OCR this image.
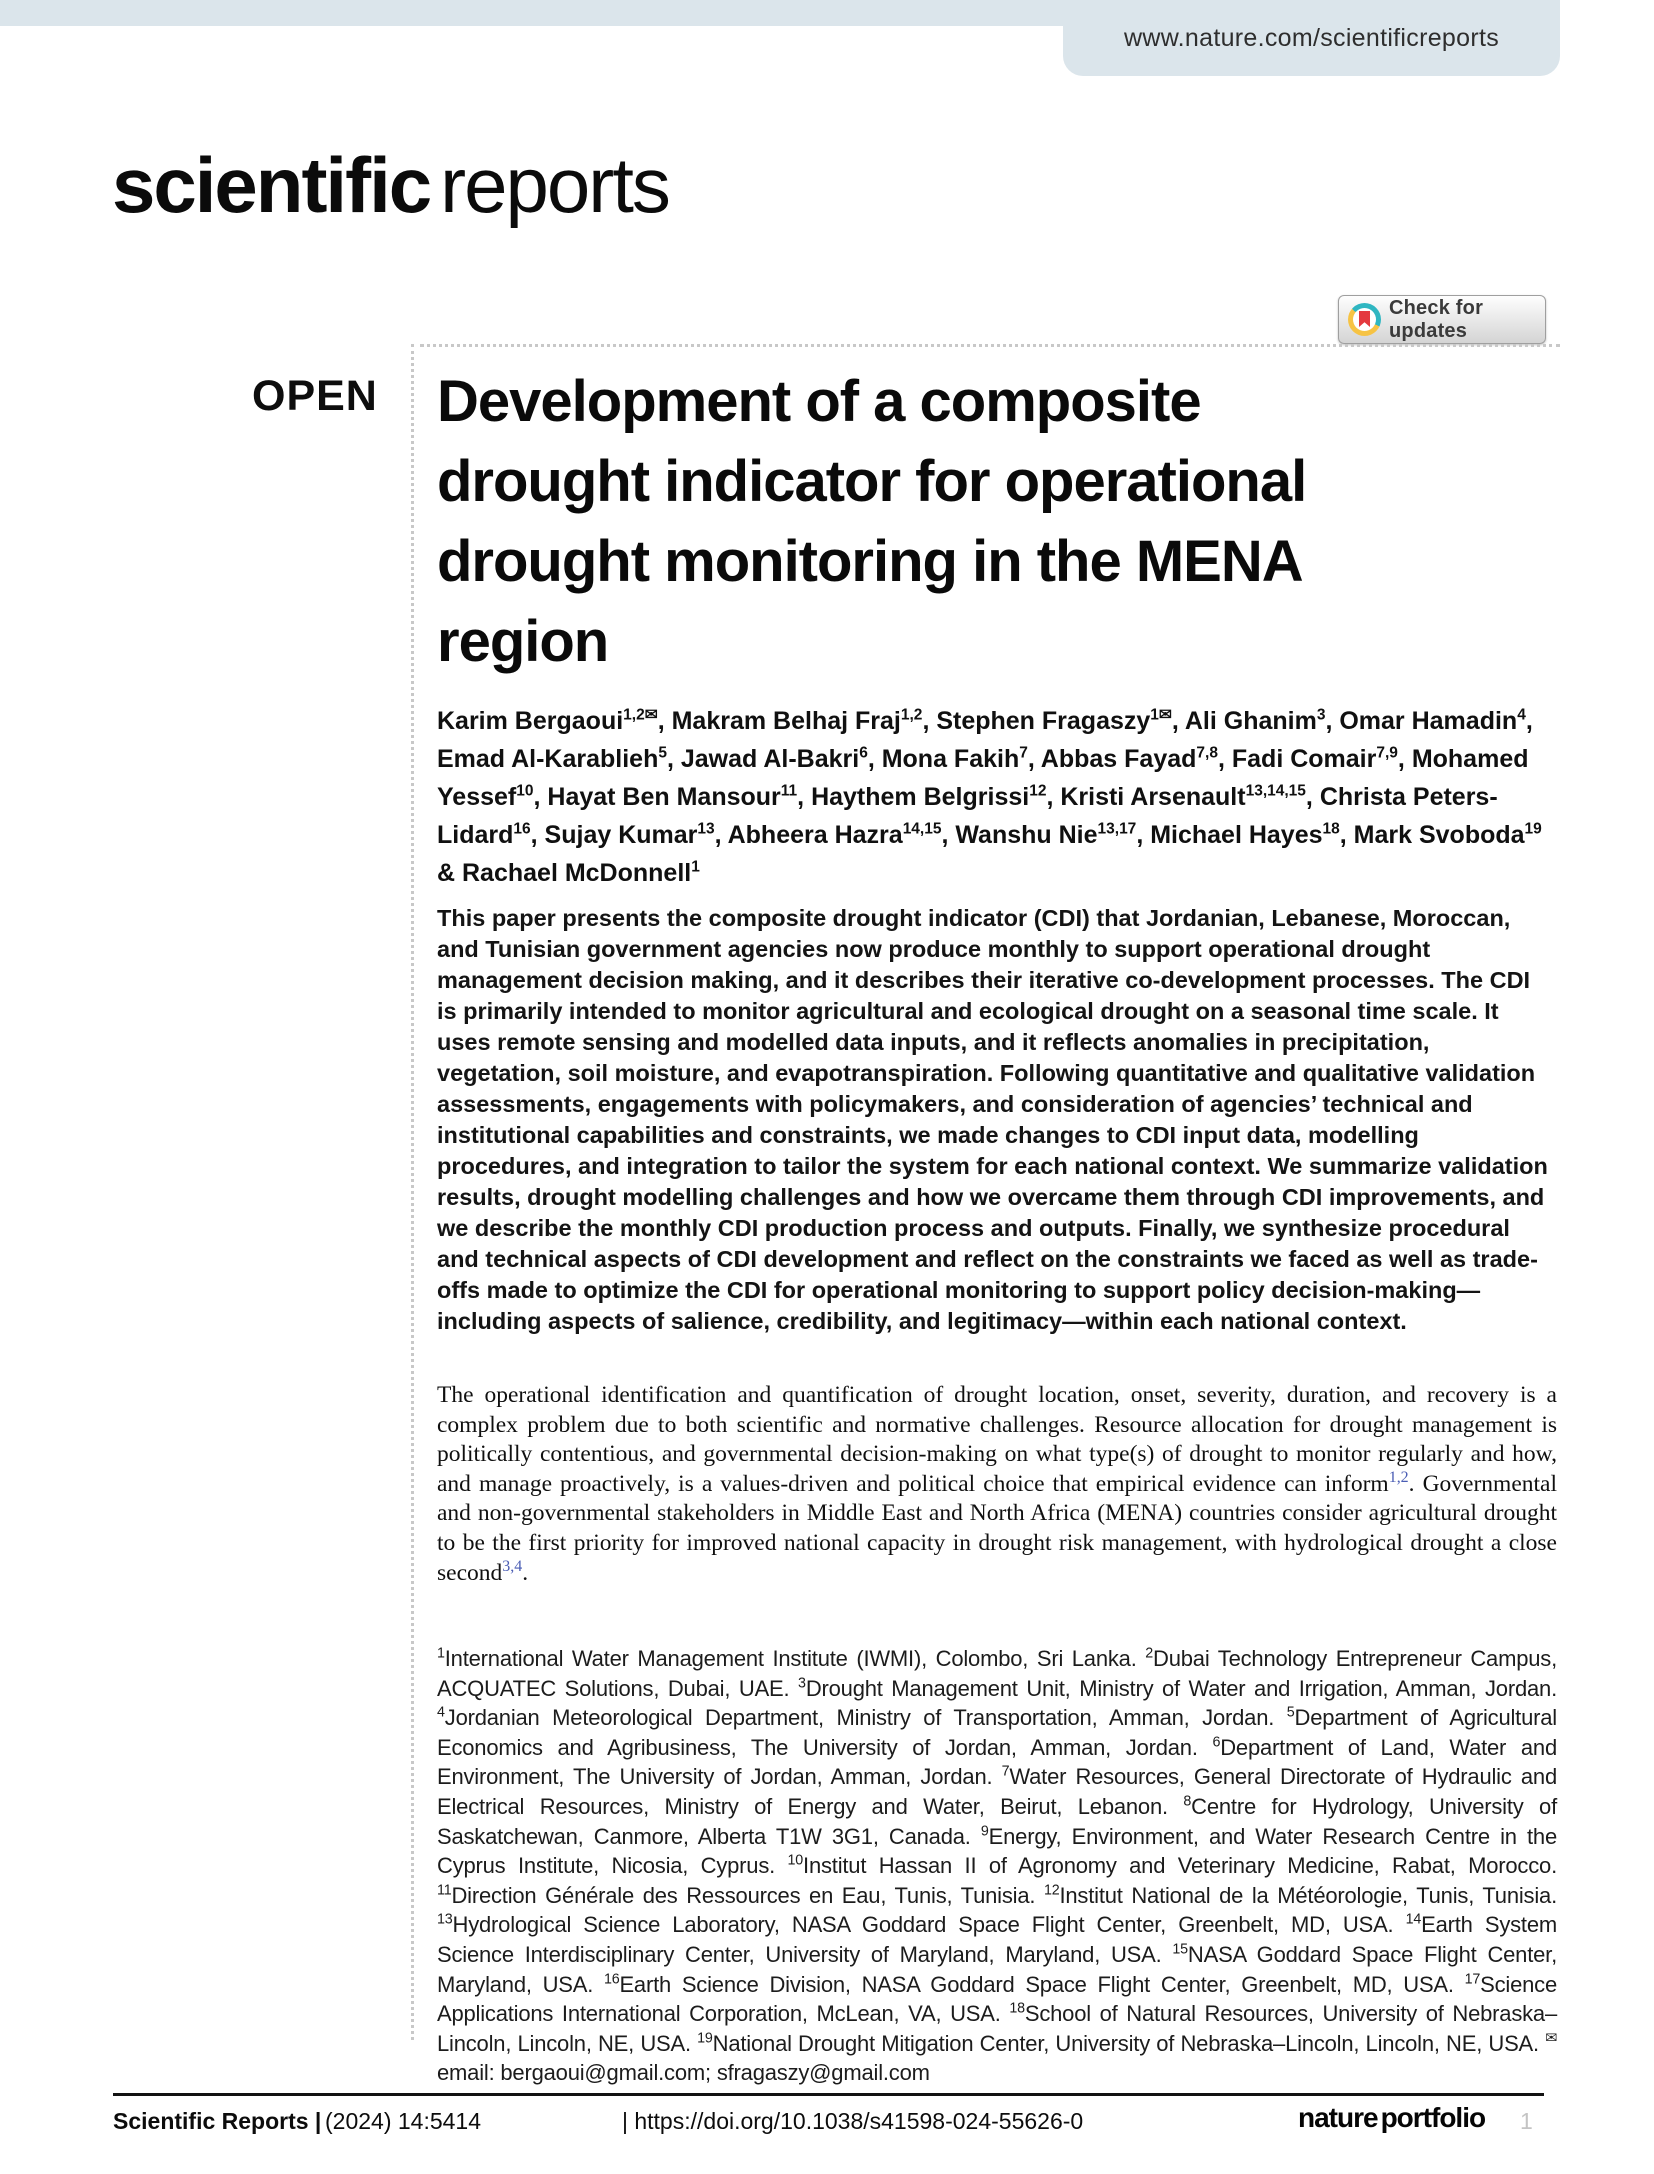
www.nature.com/scientificreports
scientific reports
Check for updates
OPEN Development of a composite
drought indicator for operational
drought monitoring in the MENA
region
Karim Bergaoui$^{1,2✉}$, Makram Belhaj Fraj$^{1,2}$, Stephen Fragaszy$^{1✉}$, Ali Ghanim$^3$, Omar Hamadin$^4$, Emad Al-Karablieh$^5$, Jawad Al-Bakri$^6$, Mona Fakih$^7$, Abbas Fayad$^{7,8}$, Fadi Comair$^{7,9}$, Mohamed Yessef$^{10}$, Hayat Ben Mansour$^{11}$, Haythem Belgrissi$^{12}$, Kristi Arsenault$^{13,14,15}$, Christa Peters-Lidard$^{16}$, Sujay Kumar$^{13}$, Abheera Hazra$^{14,15}$, Wanshu Nie$^{13,17}$, Michael Hayes$^{18}$, Mark Svoboda$^{19}$ & Rachael McDonnell$^1$
This paper presents the composite drought indicator (CDI) that Jordanian, Lebanese, Moroccan, and Tunisian government agencies now produce monthly to support operational drought management decision making, and it describes their iterative co-development processes. The CDI is primarily intended to monitor agricultural and ecological drought on a seasonal time scale. It uses remote sensing and modelled data inputs, and it reflects anomalies in precipitation, vegetation, soil moisture, and evapotranspiration. Following quantitative and qualitative validation assessments, engagements with policymakers, and consideration of agencies’ technical and institutional capabilities and constraints, we made changes to CDI input data, modelling procedures, and integration to tailor the system for each national context. We summarize validation results, drought modelling challenges and how we overcame them through CDI improvements, and we describe the monthly CDI production process and outputs. Finally, we synthesize procedural and technical aspects of CDI development and reflect on the constraints we faced as well as trade-offs made to optimize the CDI for operational monitoring to support policy decision-making—including aspects of salience, credibility, and legitimacy—within each national context.
The operational identification and quantification of drought location, onset, severity, duration, and recovery is a complex problem due to both scientific and normative challenges. Resource allocation for drought management is politically contentious, and governmental decision-making on what type(s) of drought to monitor regularly and how, and manage proactively, is a values-driven and political choice that empirical evidence can inform$^{1,2}$. Governmental and non-governmental stakeholders in Middle East and North Africa (MENA) countries consider agricultural drought to be the first priority for improved national capacity in drought risk management, with hydrological drought a close second$^{3,4}$.
$^1$International Water Management Institute (IWMI), Colombo, Sri Lanka. $^2$Dubai Technology Entrepreneur Campus, ACQUATEC Solutions, Dubai, UAE. $^3$Drought Management Unit, Ministry of Water and Irrigation, Amman, Jordan. $^4$Jordanian Meteorological Department, Ministry of Transportation, Amman, Jordan. $^5$Department of Agricultural Economics and Agribusiness, The University of Jordan, Amman, Jordan. $^6$Department of Land, Water and Environment, The University of Jordan, Amman, Jordan. $^7$Water Resources, General Directorate of Hydraulic and Electrical Resources, Ministry of Energy and Water, Beirut, Lebanon. $^8$Centre for Hydrology, University of Saskatchewan, Canmore, Alberta T1W 3G1, Canada. $^9$Energy, Environment, and Water Research Centre in the Cyprus Institute, Nicosia, Cyprus. $^{10}$Institut Hassan II of Agronomy and Veterinary Medicine, Rabat, Morocco. $^{11}$Direction Générale des Ressources en Eau, Tunis, Tunisia. $^{12}$Institut National de la Météorologie, Tunis, Tunisia. $^{13}$Hydrological Science Laboratory, NASA Goddard Space Flight Center, Greenbelt, MD, USA. $^{14}$Earth System Science Interdisciplinary Center, University of Maryland, Maryland, USA. $^{15}$NASA Goddard Space Flight Center, Maryland, USA. $^{16}$Earth Science Division, NASA Goddard Space Flight Center, Greenbelt, MD, USA. $^{17}$Science Applications International Corporation, McLean, VA, USA. $^{18}$School of Natural Resources, University of Nebraska–Lincoln, Lincoln, NE, USA. $^{19}$National Drought Mitigation Center, University of Nebraska–Lincoln, Lincoln, NE, USA. ✉email: bergaoui@gmail.com; sfragaszy@gmail.com
Scientific Reports | (2024) 14:5414	| https://doi.org/10.1038/s41598-024-55626-0	nature portfolio 1
